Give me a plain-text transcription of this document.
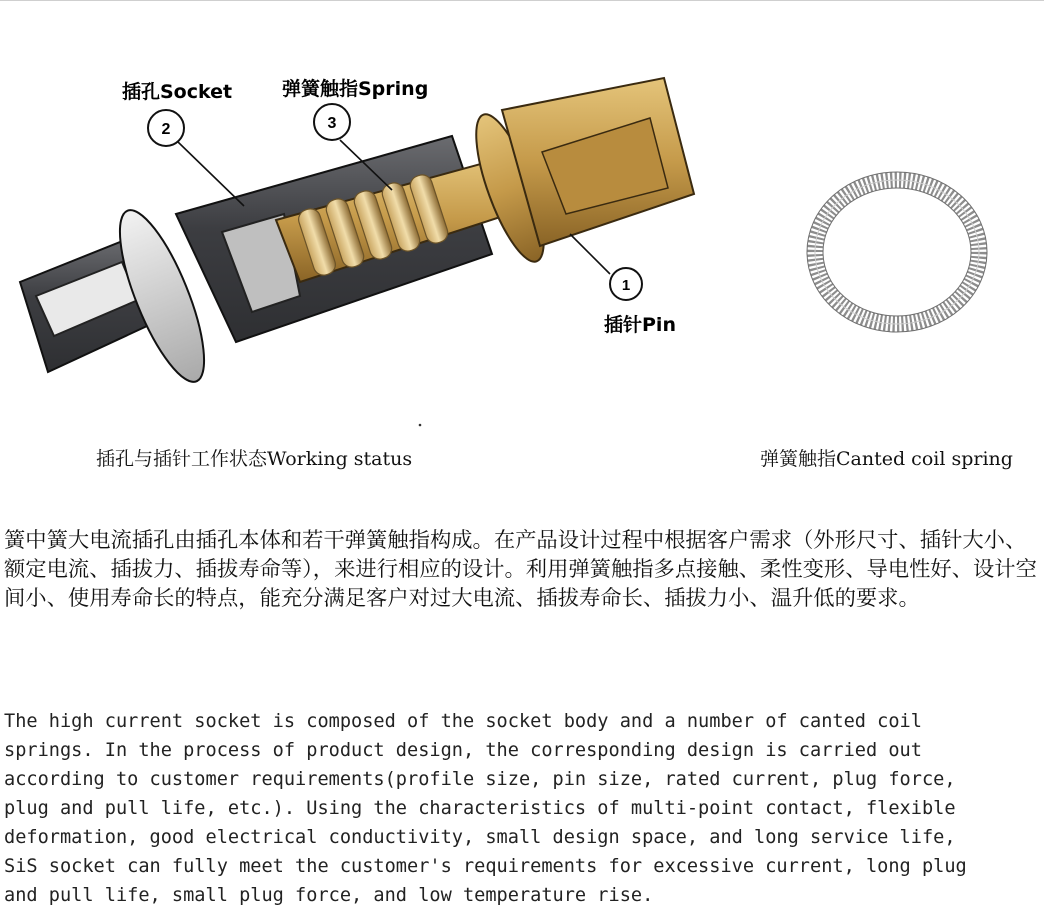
2	3
1
插孔Socket	弹簧触指Spring
插针Pin
插孔与插针工作状态Working status	弹簧触指Canted coil spring

簧中簧大电流插孔由插孔本体和若干弹簧触指构成。在产品设计过程中根据客户需求（外形尺寸、插针大小、额定电流、插拔力、插拔寿命等），来进行相应的设计。利用弹簧触指多点接触、柔性变形、导电性好、设计空间小、使用寿命长的特点，能充分满足客户对过大电流、插拔寿命长、插拔力小、温升低的要求。

The high current socket is composed of the socket body and a number of canted coil
springs. In the process of product design, the corresponding design is carried out
according to customer requirements(profile size, pin size, rated current, plug force,
plug and pull life, etc.). Using the characteristics of multi-point contact, flexible
deformation, good electrical conductivity, small design space, and long service life,
SiS socket can fully meet the customer's requirements for excessive current, long plug
and pull life, small plug force, and low temperature rise.
